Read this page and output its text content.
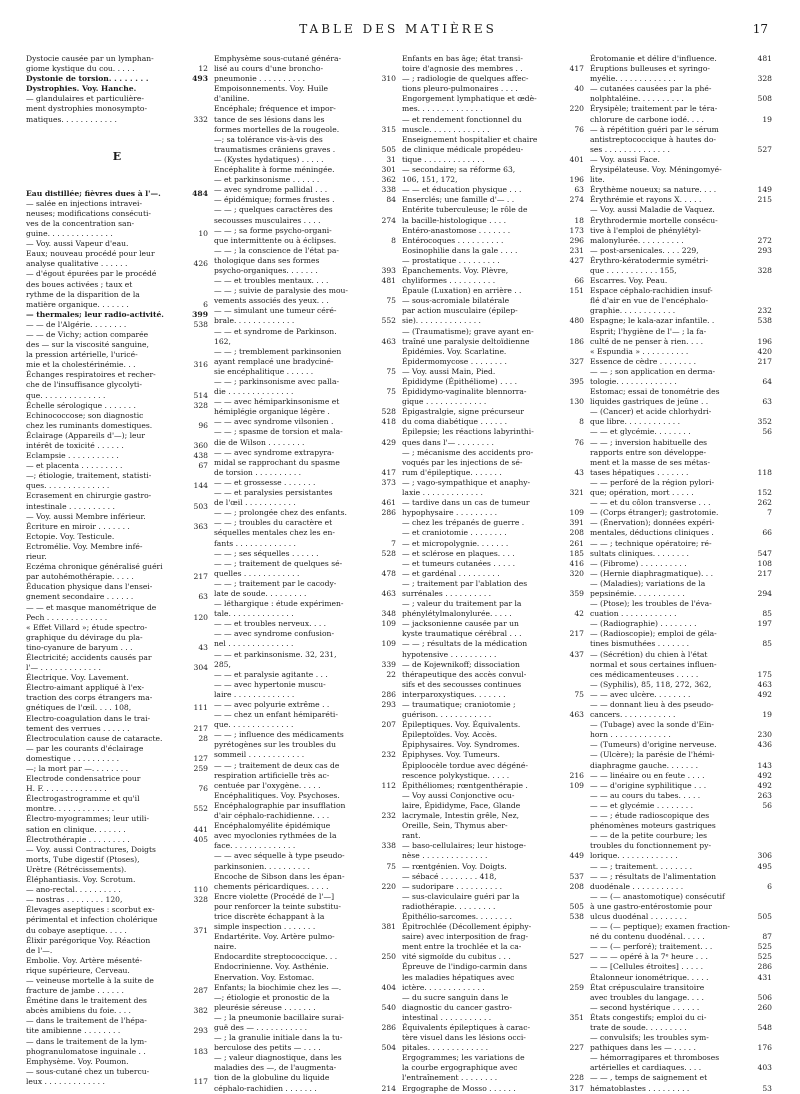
TABLE DES MATIÈRES	17
Dystocie causée par un lymphan-
giome kystique du cou. . . . .	12
Dystonie de torsion. . . . . . . .	493
Dystrophies. Voy. Hanche.
— glandulaires et particulière-
ment dystrophies monosympto-
matiques. . . . . . . . . . . .	332
E
Eau distillée; fièvres dues à l'—.	484
— salée en injections intravei-
neuses; modifications consécuti-
ves de la concentration san-
guine. . . . . . . . . . . . . .	10
— Voy. aussi Vapeur d'eau.
Eaux; nouveau procédé pour leur
analyse qualitative . . . . . .	426
— d'égout épurées par le procédé
des boues activées ; taux et
rythme de la disparition de la
matière organique. . . . . . .	6
— thermales; leur radio-activité.	399
— — de l'Algérie. . . . . . . .	538
— — de Vichy; action comparée
des — sur la viscosité sanguine,
la pression artérielle, l'uricé-
mie et la cholestérinémie. . .	316
Échanges respiratoires et recher-
che de l'insuffisance glycolyti-
que. . . . . . . . . . . . . .	514
Échelle sérologique . . . . . . .	328
Echinococcose; son diagnostic
chez les ruminants domestiques.	96
Éclairage (Appareils d'—); leur
intérêt de toxicité . . . . . .	360
Eclampsie . . . . . . . . . . .	438
— et placenta . . . . . . . . .	67
—; étiologie, traitement, statisti-
ques. . . . . . . . . . . . . .	144
Ecrasement en chirurgie gastro-
intestinale . . . . . . . . . .	503
— Voy. aussi Membre inférieur.
Écriture en miroir . . . . . . .	363
Ectopie. Voy. Testicule.
Ectromélie. Voy. Membre infé-
rieur.
Eczéma chronique généralisé guéri
par autohémothérapie. . . . .	217
Éducation physique dans l'ensei-
gnement secondaire . . . . . .	63
— — et masque manométrique de
Pech . . . . . . . . . . . . .	120
« Effet Villard »; étude spectro-
graphique du dévirage du pla-
tino-cyanure de baryum . . .	43
Électricité; accidents causés par
l'— . . . . . . . . . . . . .	304
Électrique. Voy. Lavement.
Électro-aimant appliqué à l'ex-
traction des corps étrangers ma-
gnétiques de l'œil. . . . 108,	111
Electro-coagulation dans le trai-
tement des verrues . . . . . .	217
Électroculation cause de cataracte.	28
— par les courants d'éclairage
domestique . . . . . . . . . .	127
—; la mort par —. . . . . . . .	259
Electrode condensatrice pour
H. F. . . . . . . . . . . . . .	76
Électrogastrogramme et qu'il
montre. . . . . . . . . . . . .	552
Électro-myogrammes; leur utili-
sation en clinique. . . . . . .	441
Électrothérapie . . . . . . . . .	405
— Voy. aussi Contractures, Doigts
morts, Tube digestif (Ptoses),
Urètre (Rétrécissements).
Éléphantiasis. Voy. Scrotum.
— ano-rectal. . . . . . . . . .	110
— nostras . . . . . . . . 120,	328
Élevages aseptiques : scorbut ex-
périmental et infection cholérique
du cobaye aseptique. . . . .	371
Élixir parégorique Voy. Réaction
de l'—.
Embolie. Voy. Artère mésenté-
rique supérieure, Cerveau.
— veineuse mortelle à la suite de
fracture de jambe . . . . . .	287
Émétine dans le traitement des
abcès amibiens du foie. . . .	382
— dans le traitement de l'hépa-
tite amibienne . . . . . . . .	293
— dans le traitement de la lym-
phogranulomatose inguinale . .	183
Emphysème. Voy. Poumon.
— sous-cutané chez un tubercu-
leux . . . . . . . . . . . . .	117
Emphysème sous-cutané généra-
lisé au cours d'une broncho-
pneumonie . . . . . . . . . .	310
Empoisonnements. Voy. Huile
d'aniline.
Encéphale; fréquence et impor-
tance de ses lésions dans les
formes mortelles de la rougeole.	315
—; sa tolérance vis-à-vis des
traumatismes crâniens graves .	505
— (Kystes hydatiques) . . . . .	31
Encéphalite à forme méningée.	301
— et parkinsonisme . . . . . .	362
— avec syndrome pallidal . . .	338
— épidémique; formes frustes .	84
— — ; quelques caractères des
secousses musculaires . . . .	274
— — ; sa forme psycho-organi-
que intermittente ou à éclipses.	8
— — ; la conscience de l'état pa-
thologique dans ses formes
psycho-organiques. . . . . . .	393
— — et troubles mentaux. . . .	481
— — ; suivie de paralysie des mou-
vements associés des yeux. . .	75
— — simulant une tumeur céré-
brale. . . . . . . . . . . . .	552
— — et syndrome de Parkinson.
162,	463
— — ; tremblement parkinsonien
ayant remplacé une bradyciné-
sie encéphalitique . . . . . .	75
— — ; parkinsonisme avec palla-
die . . . . . . . . . . . . . .	75
— — avec hémiparkinsonisme et
hémiplégie organique légère .	528
— — avec syndrome vilsonien .	418
— — ; spasme de torsion et mala-
die de Wilson . . . . . . . .	429
— — avec syndrome extrapyra-
midal se rapprochant du spasme
de torsion . . . . . . . . . .	417
— — et grossesse . . . . . . .	373
— — et paralysies persistantes
de l'œil . . . . . . . . . . .	461
— — ; prolongée chez des enfants.	286
— — ; troubles du caractère et
séquelles mentales chez les en-
fants . . . . . . . . . . . . .	7
— — ; ses séquelles . . . . . .	528
— — ; traitement de quelques sé-
quelles . . . . . . . . . . . .	478
— — ; traitement par le cacody-
late de soude. . . . . . . . .	463
— léthargique : étude expérimen-
tale. . . . . . . . . . . . . .	348
— — et troubles nerveux. . . .	109
— — avec syndrome confusion-
nel . . . . . . . . . . . . . .	109
— — et parkinsonisme. 32, 231,
285,	339
— — et paralysie agitante . . .	22
— — avec hypertonie muscu-
laire . . . . . . . . . . . . .	286
— — avec polyurie extrême . .	293
— — chez un enfant hémiparéti-
que. . . . . . . . . . . . . .	207
— — ; influence des médicaments
pyrétogènes sur les troubles du
sommeil . . . . . . . . . . . .	232
— — ; traitement de deux cas de
respiration artificielle très ac-
centuée par l'oxygène. . . . .	112
Encéphalitiques. Voy. Psychoses.
Encéphalographie par insufflation
d'air céphalo-rachidienne. . . .	232
Encéphalomyélite épidémique
avec myoclonies rythmées de la
face. . . . . . . . . . . . . .	338
— — avec séquelle à type pseudo-
parkinsonien. . . . . . . . . .	75
Encoche de Sibson dans les épan-
chements péricardiques. . . . .	220
Encre violette (Procédé de l'—]
pour renforcer la teinte substitu-
trice discrète échappant à la
simple inspection . . . . . . .	381
Endartérite. Voy. Artère pulmo-
naire.
Endocardite streptococcique. . .	250
Endocrinienne. Voy. Asthénie.
Enervation. Voy. Estomac.
Enfants; la biochimie chez les —.	404
—; étiologie et pronostic de la
pleurésie séreuse . . . . . . .	540
— ; la pneumonie bacillaire surai-
guë des — . . . . . . . . . . .	286
— ; la granulie initiale dans la tu-
berculose des petits — . . . .	504
— ; valeur diagnostique, dans les
maladies des —, de l'augmenta-
tion de la globuline du liquide
céphalo-rachidien . . . . . . .	214
Enfants en bas âge; état transi-
toire d'agnosie des membres . .	417
— ; radiologie de quelques affec-
tions pleuro-pulmonaires . . . .	40
Engorgement lymphatique et œdè-
mes. . . . . . . . . . . . . .	220
— et rendement fonctionnel du
muscle. . . . . . . . . . . . .	76
Enseignement hospitalier et chaire
de clinique médicale propédeu-
tique . . . . . . . . . . . . .	401
— secondaire; sa réforme 63,
106, 151, 172,	196
— — et éducation physique . . .	63
Enserclés; une famille d'— . .	274
Entérite tuberculeuse; le rôle de
la bacille-histologique . . . .	18
Entéro-anastomose . . . . . . .	173
Entérocoques . . . . . . . . . .	296
Eosinophilie dans la gale . . . .	231
— prostatique . . . . . . . . .	427
Épanchements. Voy. Plèvre,
chyliformes . . . . . . . . . .	66
Épaule (Luxation) en arrière . .	151
— sous-acromiale bilatérale
par action musculaire (épilep-
sie). . . . . . . . . . . . . .	480
— (Traumatisme); grave ayant en-
traîné une paralysie deltoïdienne	186
Épidémies. Voy. Scarlatine.
Épidermomycose . . . . . . . .	327
— Voy. aussi Main, Pied.
Épididyme (Épithéliome) . . . .	395
Épididymo-vaginalite blennorra-
gique . . . . . . . . . . . . .	130
Épigastralgie, signe précurseur
du coma diabétique . . . . . .	8
Épilepsie; les réactions labyrinthi-
ques dans l'— . . . . . . . .	76
— ; mécanisme des accidents pro-
voqués par les injections de sé-
rum d'épileptique. . . . . . .	43
— ; vago-sympathique et anaphy-
laxie . . . . . . . . . . . . .	321
— tardive dans un cas de tumeur
hypophysaire . . . . . . . . .	109
— chez les trépanés de guerre .	391
— et craniotomie . . . . . . . .	208
— et micropolygnie. . . . . . .	261
— et sclérose en plaques. . . .	185
— et tumeurs cutanées . . . . .	416
— et gardénal . . . . . . . . .	320
— ; traitement par l'ablation des
surrénales . . . . . . . . . .	359
— ; valeur du traitement par la
phénylétylmalonylurée. . . . .	42
— jacksonienne causée par un
kyste traumatique cérébral . . .	217
— — ; résultats de la médication
hypotensive . . . . . . . . . .	437
— de Kojewnikoff; dissociation
thérapeutique des accès convul-
sifs et des secousses continues
interparoxystiques. . . . . . .	75
— traumatique; craniotomie ;
guérison. . . . . . . . . . . .	463
Épileptiques. Voy. Équivalents.
Épileptoïdes. Voy. Accès.
Épiphysaires. Voy. Syndromes.
Épiphyses. Voy. Tumeurs.
Épiploocèle tordue avec dégéné-
rescence polykystique. . . . .	216
Épithéliomes; rœntgenthérapie .	109
— Voy aussi Conjonctive ocu-
laire, Épididyme, Face, Glande
lacrymale, Intestin grêle, Nez,
Oreille, Sein, Thymus aber-
rant.
— baso-cellulaires; leur histoge-
nèse . . . . . . . . . . . . . .	449
— rœntgénien. Voy. Doigts.
— sébacé . . . . . . . . 418,	537
— sudoripare . . . . . . . . . .	208
— sus-claviculaire guéri par la
radiothérapie. . . . . . . . .	505
Épithélio-sarcomes. . . . . . . .	538
Épitrochlée (Décollement épiphy-
saire) avec interposition de frag-
ment entre la trochlée et la ca-
vité sigmoïde du cubitus . . .	527
Épreuve de l'indigo-carmin dans
les maladies hépatiques avec
ictère. . . . . . . . . . . . .	259
— du sucre sanguin dans le
diagnostic du cancer gastro-
intestinal . . . . . . . . . . .	351
Équivalents épileptiques à carac-
tère visuel dans les lésions occi-
pitales. . . . . . . . . . . . .	227
Ergogrammes; les variations de
la courbe ergographique avec
l'entraînement . . . . . . . .	228
Ergographe de Mosso . . . . . .	317
Érotomanie et délire d'influence.	481
Éruptions bulleuses et syringo-
myélie. . . . . . . . . . . . .	328
— cutanées causées par la phé-
nolphtaléine. . . . . . . . . .	508
Érysipèle; traitement par le téra-
chlorure de carbone iodé. . . .	19
— à répétition guéri par le sérum
antistreptococcique à hautes do-
ses . . . . . . . . . . . . . .	527
— Voy. aussi Face.
Érysipélateuse. Voy. Méningomyé-
lite.
Érythème noueux; sa nature. . . .	149
Érythrémie et rayons X. . . . .	215
— Voy. aussi Maladie de Vaquez.
Érythrodermie mortelle consécu-
tive à l'emploi de phénylétyl-
malonylurée. . . . . . . . . .	272
— post-arsenicales. . . . 229,	293
Érythro-kératodermie symétri-
que . . . . . . . . . . . 155,	328
Escarres. Voy. Peau.
Espace céphalo-rachidien insuf-
flé d'air en vue de l'encéphalo-
graphie. . . . . . . . . . . .	232
Espagne; le kala-azar infantile. .	538
Esprit; l'hygiène de l'— ; la fa-
culté de ne penser à rien. . . .	196
« Espundia » . . . . . . . . . .	420
Essence de cèdre . . . . . . . .	217
— — ; son application en derma-
tologie. . . . . . . . . . . . .	64
Estomac; essai de tonométrie des
liquides gastriques de jeûne . .	63
— (Cancer) et acide chlorhydri-
que libre. . . . . . . . . . . .	352
— — et glycémie. . . . . . . .	56
— — ; inversion habituelle des
rapports entre son développe-
ment et la masse de ses métas-
tases hépatiques . . . . . . .	118
— — perforé de la région pylori-
que; opération, mort . . . . .	152
— — et du côlon transverse . . .	262
— (Corps étranger); gastrotomie.	7
— (Énervation); données expéri-
mentales, déductions cliniques .	66
— — ; technique opératoire; ré-
sultats cliniques. . . . . . . .	547
— (Fibrome) . . . . . . . . . .	108
— (Hernie diaphragmatique). . .	217
— (Maladies); variations de la
pepsinémie. . . . . . . . . . .	294
— (Ptose); les troubles de l'éva-
cuation . . . . . . . . . . . .	85
— (Radiographie) . . . . . . . .	197
— (Radioscopie); emploi de géla-
tines bismuthées . . . . . . .	85
— (Sécrétion) du chien à l'état
normal et sous certaines influen-
ces médicamenteuses . . . . .	175
— (Syphilis), 85, 118, 272, 362,	463
— — avec ulcère. . . . . . . .	492
— — donnant lieu à des pseudo-
cancers. . . . . . . . . . . .	19
— (Tubage) avec la sonde d'Ein-
horn . . . . . . . . . . . . .	230
— (Tumeurs) d'origine nerveuse.	436
— (Ulcère); la parésie de l'hémi-
diaphragme gauche. . . . . . .	143
— — linéaire ou en feute . . . .	492
— — d'origine syphilitique . . .	492
— — au cours du tabes. . . . .	263
— — et glycémie . . . . . . . .	56
— — ; étude radioscopique des
phénomènes moteurs gastriques
— — de la petite courbure; les
troubles du fonctionnement py-
lorique. . . . . . . . . . . . .	306
— — ; traitement. . . . . . . .	495
— — ; résultats de l'alimentation
duodénale . . . . . . . . . . .	6
— — (— anastomotique) consécutif
à une gastro-entérostomie pour
ulcus duodénal . . . . . . . .	505
— — (— peptique); examen fraction-
né du contenu duodénal. . . . .	87
— — (— perforé); traitement. . .	525
— — — opéré à la 7ᵉ heure . . .	525
— — [Cellules étroites] . . . . .	286
Étalonneur ionométrique. . . . .	431
État crépusculaire transitoire
avec troubles du langage. . . .	506
— second hystérique . . . . . .	260
États congestifs; emploi du ci-
trate de soude. . . . . . . . .	548
— convulsifs; les troubles sym-
pathiques dans les — . . . . .	176
— hémorragipares et thromboses
artérielles et cardiaques. . . .	403
— — , temps de saignement et
hématoblastes . . . . . . . . .	53
